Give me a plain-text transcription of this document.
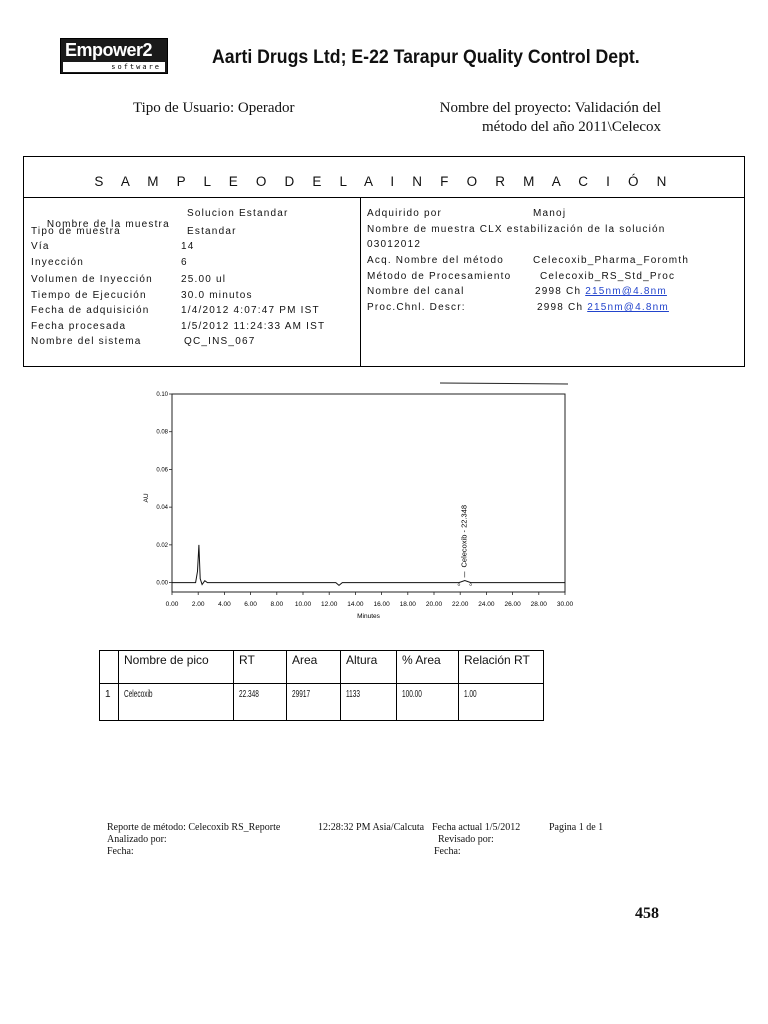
Empower2
software	Aarti Drugs Ltd; E-22 Tarapur Quality Control Dept.
Tipo de Usuario: Operador	Nombre del proyecto: Validación del
método del año 2011\Celecox
S A M P L E O D E L A I N F O R M A C I Ó N

Nombre de la muestra

Solucion Estandar
Tipo de muestra	Estandar
Vía	14
Inyección	6
Volumen de Inyección	25.00 ul
Tiempo de Ejecución	30.0 minutos
Fecha de adquisición	1/4/2012 4:07:47 PM IST
Fecha procesada	1/5/2012 11:24:33 AM IST
Nombre del sistema	QC_INS_067
Adquirido por	Manoj
Nombre de muestra CLX estabilización de la solución
03012012
Acq. Nombre del método	Celecoxib_Pharma_Foromth
Método de Procesamiento	Celecoxib_RS_Std_Proc
Nombre del canal	2998 Ch 215nm@4.8nm
Proc.Chnl. Descr:	2998 Ch 215nm@4.8nm
0.00 2.00 4.00 6.00 8.00 10.00 12.00 14.00 16.00 18.00 20.00 22.00 24.00 26.00 28.00 30.00
0.00
0.02
0.04
0.06
0.08
0.10
Minutes
AU
Celecoxib - 22.348
	Nombre de pico	RT	Area	Altura	% Area	Relación RT
1	Celecoxib	22.348	29917	1133	100.00	1.00
Reporte de método: Celecoxib RS_Reporte	12:28:32 PM Asia/Calcuta Fecha actual 1/5/2012	Pagina 1 de 1
Analizado por:	Revisado por:
Fecha:	Fecha:
458
